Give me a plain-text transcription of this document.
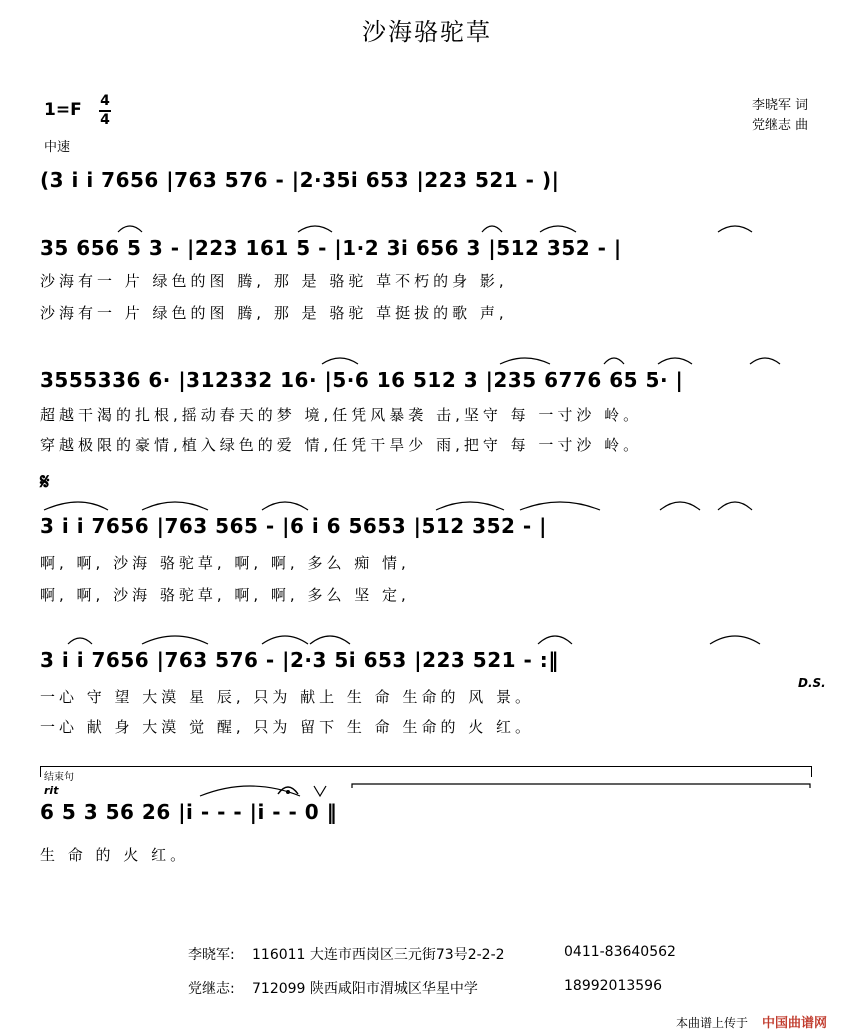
沙海骆驼草
李晓军 词
党继志 曲
1=F 4
4
中速
(3 i i 7656 |763 576 - |2·35i 653 |223 521 - )|
35 656 5 3 - |223 161 5 - |1·2 3i 656 3 |512 352 - |
沙海有一 片 绿色的图 腾, 那 是 骆驼 草不朽的身 影,
沙海有一 片 绿色的图 腾, 那 是 骆驼 草挺拔的歌 声,
3555336 6· |312332 16· |5·6 16 512 3 |235 6776 65 5· |
超越干渴的扎根,摇动春天的梦 境,任凭风暴袭 击,坚守 每 一寸沙 岭。
穿越极限的豪情,植入绿色的爱 情,任凭干旱少 雨,把守 每 一寸沙 岭。
𝄋
3 i i 7656 |763 565 - |6 i 6 5653 |512 352 - |
啊, 啊, 沙海 骆驼草, 啊, 啊, 多么 痴 情,
啊, 啊, 沙海 骆驼草, 啊, 啊, 多么 坚 定,
3 i i 7656 |763 576 - |2·3 5i 653 |223 521 - :‖
D.S.
一心 守 望 大漠 星 辰, 只为 献上 生 命 生命的 风 景。
一心 献 身 大漠 觉 醒, 只为 留下 生 命 生命的 火 红。
结束句
rit
6 5 3 56 26 |i - - - |i - - 0 ‖
生 命 的 火 红。
李晓军: 116011 大连市西岗区三元街73号2-2-2	0411-83640562
党继志: 712099 陕西咸阳市渭城区华星中学	18992013596
本曲谱上传于 中国曲谱网
